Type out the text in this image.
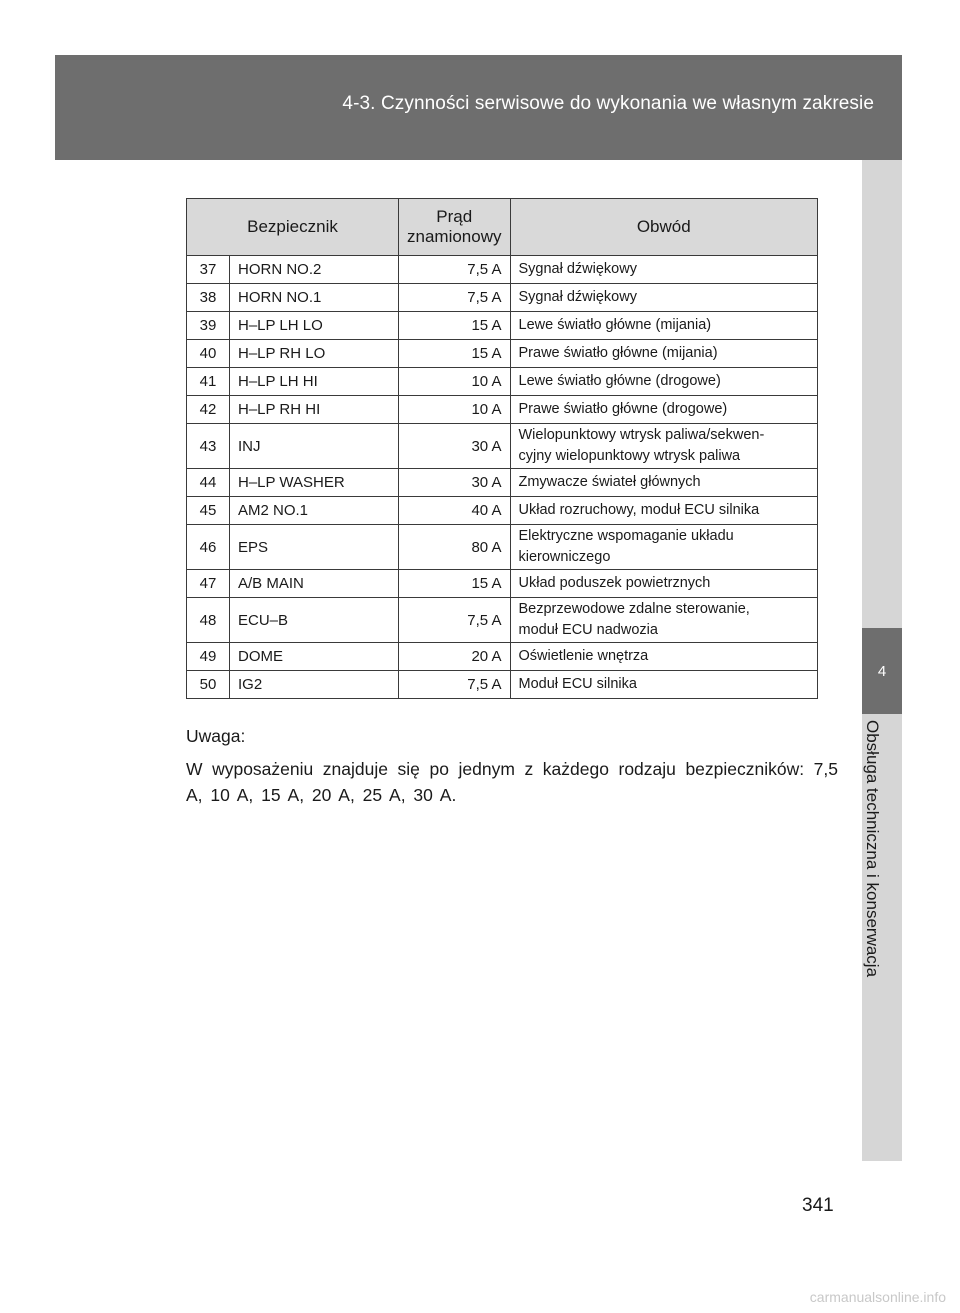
4-3. Czynności serwisowe do wykonania we własnym zakresie
4
Obsługa techniczna i konserwacja
Bezpiecznik		Prąd
znamionowy	Obwód
37	HORN NO.2	7,5 A	Sygnał dźwiękowy
38	HORN NO.1	7,5 A	Sygnał dźwiękowy
39	H–LP LH LO	15 A	Lewe światło główne (mijania)
40	H–LP RH LO	15 A	Prawe światło główne (mijania)
41	H–LP LH HI	10 A	Lewe światło główne (drogowe)
42	H–LP RH HI	10 A	Prawe światło główne (drogowe)
43	INJ	30 A	Wielopunktowy wtrysk paliwa/sekwen-
cyjny wielopunktowy wtrysk paliwa
44	H–LP WASHER	30 A	Zmywacze świateł głównych
45	AM2 NO.1	40 A	Układ rozruchowy, moduł ECU silnika
46	EPS	80 A	Elektryczne wspomaganie układu
kierowniczego
47	A/B MAIN	15 A	Układ poduszek powietrznych
48	ECU–B	7,5 A	Bezprzewodowe zdalne sterowanie,
moduł ECU nadwozia
49	DOME	20 A	Oświetlenie wnętrza
50	IG2	7,5 A	Moduł ECU silnika

Uwaga:

W wyposażeniu znajduje się po jednym z każdego rodzaju bezpieczników: 7,5 A, 10 A, 15 A, 20 A, 25 A, 30 A.

341
carmanualsonline.info
